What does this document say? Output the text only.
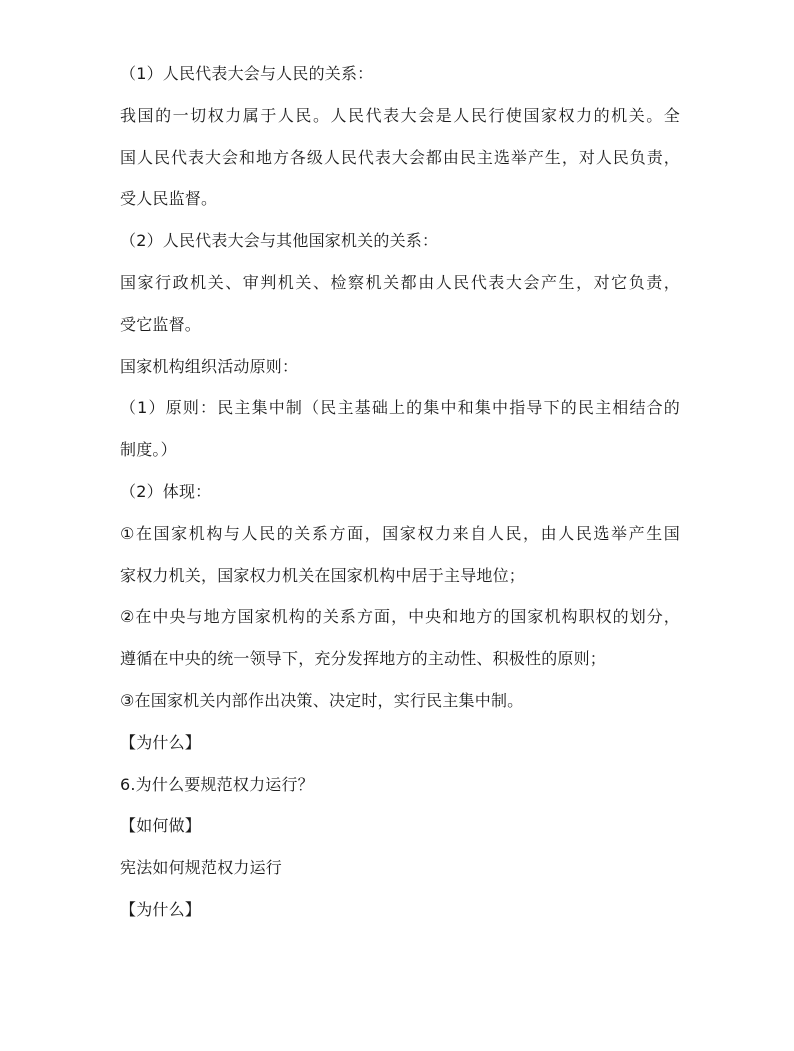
（1）人民代表大会与人民的关系：
我国的一切权力属于人民。人民代表大会是人民行使国家权力的机关。全
国人民代表大会和地方各级人民代表大会都由民主选举产生，对人民负责，
受人民监督。
（2）人民代表大会与其他国家机关的关系：
国家行政机关、审判机关、检察机关都由人民代表大会产生，对它负责，
受它监督。
国家机构组织活动原则：
（1）原则：民主集中制（民主基础上的集中和集中指导下的民主相结合的
制度。）
（2）体现：
①在国家机构与人民的关系方面，国家权力来自人民，由人民选举产生国
家权力机关，国家权力机关在国家机构中居于主导地位；
②在中央与地方国家机构的关系方面，中央和地方的国家机构职权的划分，
遵循在中央的统一领导下，充分发挥地方的主动性、积极性的原则；
③在国家机关内部作出决策、决定时，实行民主集中制。
【为什么】
6.为什么要规范权力运行？
【如何做】
宪法如何规范权力运行
【为什么】
